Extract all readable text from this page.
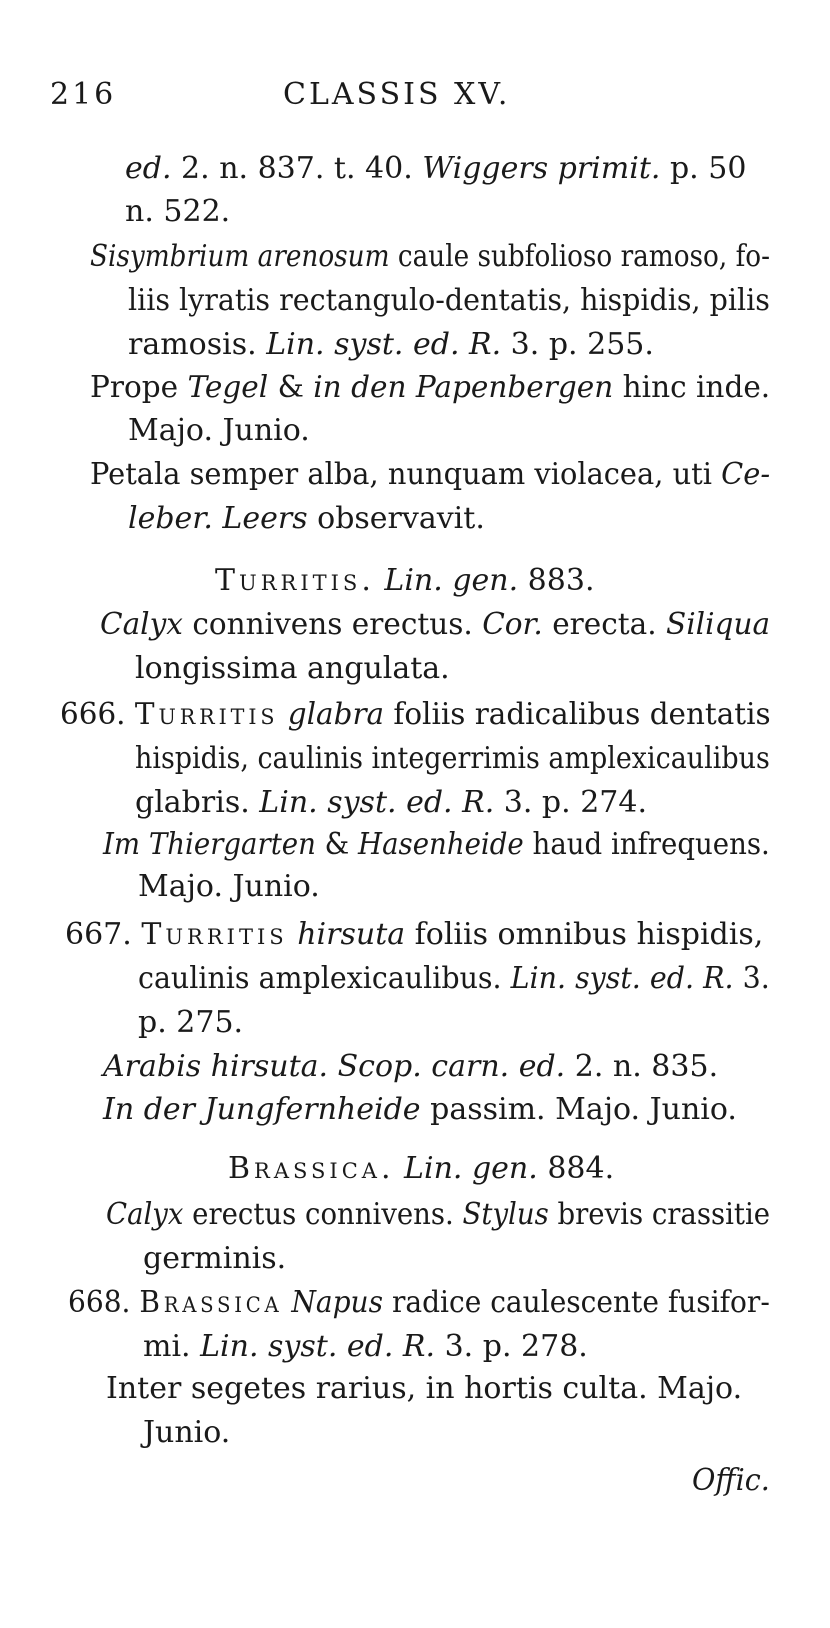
216	CLASSIS XV.
ed. 2. n. 837. t. 40. Wiggers primit. p. 50
n. 522.
Sisymbrium arenosum caule subfolioso ramoso, fo-
liis lyratis rectangulo-dentatis, hispidis, pilis
ramosis. Lin. syst. ed. R. 3. p. 255.
Prope Tegel & in den Papenbergen hinc inde.
Majo. Junio.
Petala semper alba, nunquam violacea, uti Ce-
leber. Leers observavit.
Turritis. Lin. gen. 883.
Calyx connivens erectus. Cor. erecta. Siliqua
longissima angulata.
666. Turritis glabra foliis radicalibus dentatis
hispidis, caulinis integerrimis amplexicaulibus
glabris. Lin. syst. ed. R. 3. p. 274.
Im Thiergarten & Hasenheide haud infrequens.
Majo. Junio.
667. Turritis hirsuta foliis omnibus hispidis,
caulinis amplexicaulibus. Lin. syst. ed. R. 3.
p. 275.
Arabis hirsuta. Scop. carn. ed. 2. n. 835.
In der Jungfernheide passim. Majo. Junio.
Brassica. Lin. gen. 884.
Calyx erectus connivens. Stylus brevis crassitie
germinis.
668. Brassica Napus radice caulescente fusifor-
mi. Lin. syst. ed. R. 3. p. 278.
Inter segetes rarius, in hortis culta. Majo.
Junio.
Offic.
